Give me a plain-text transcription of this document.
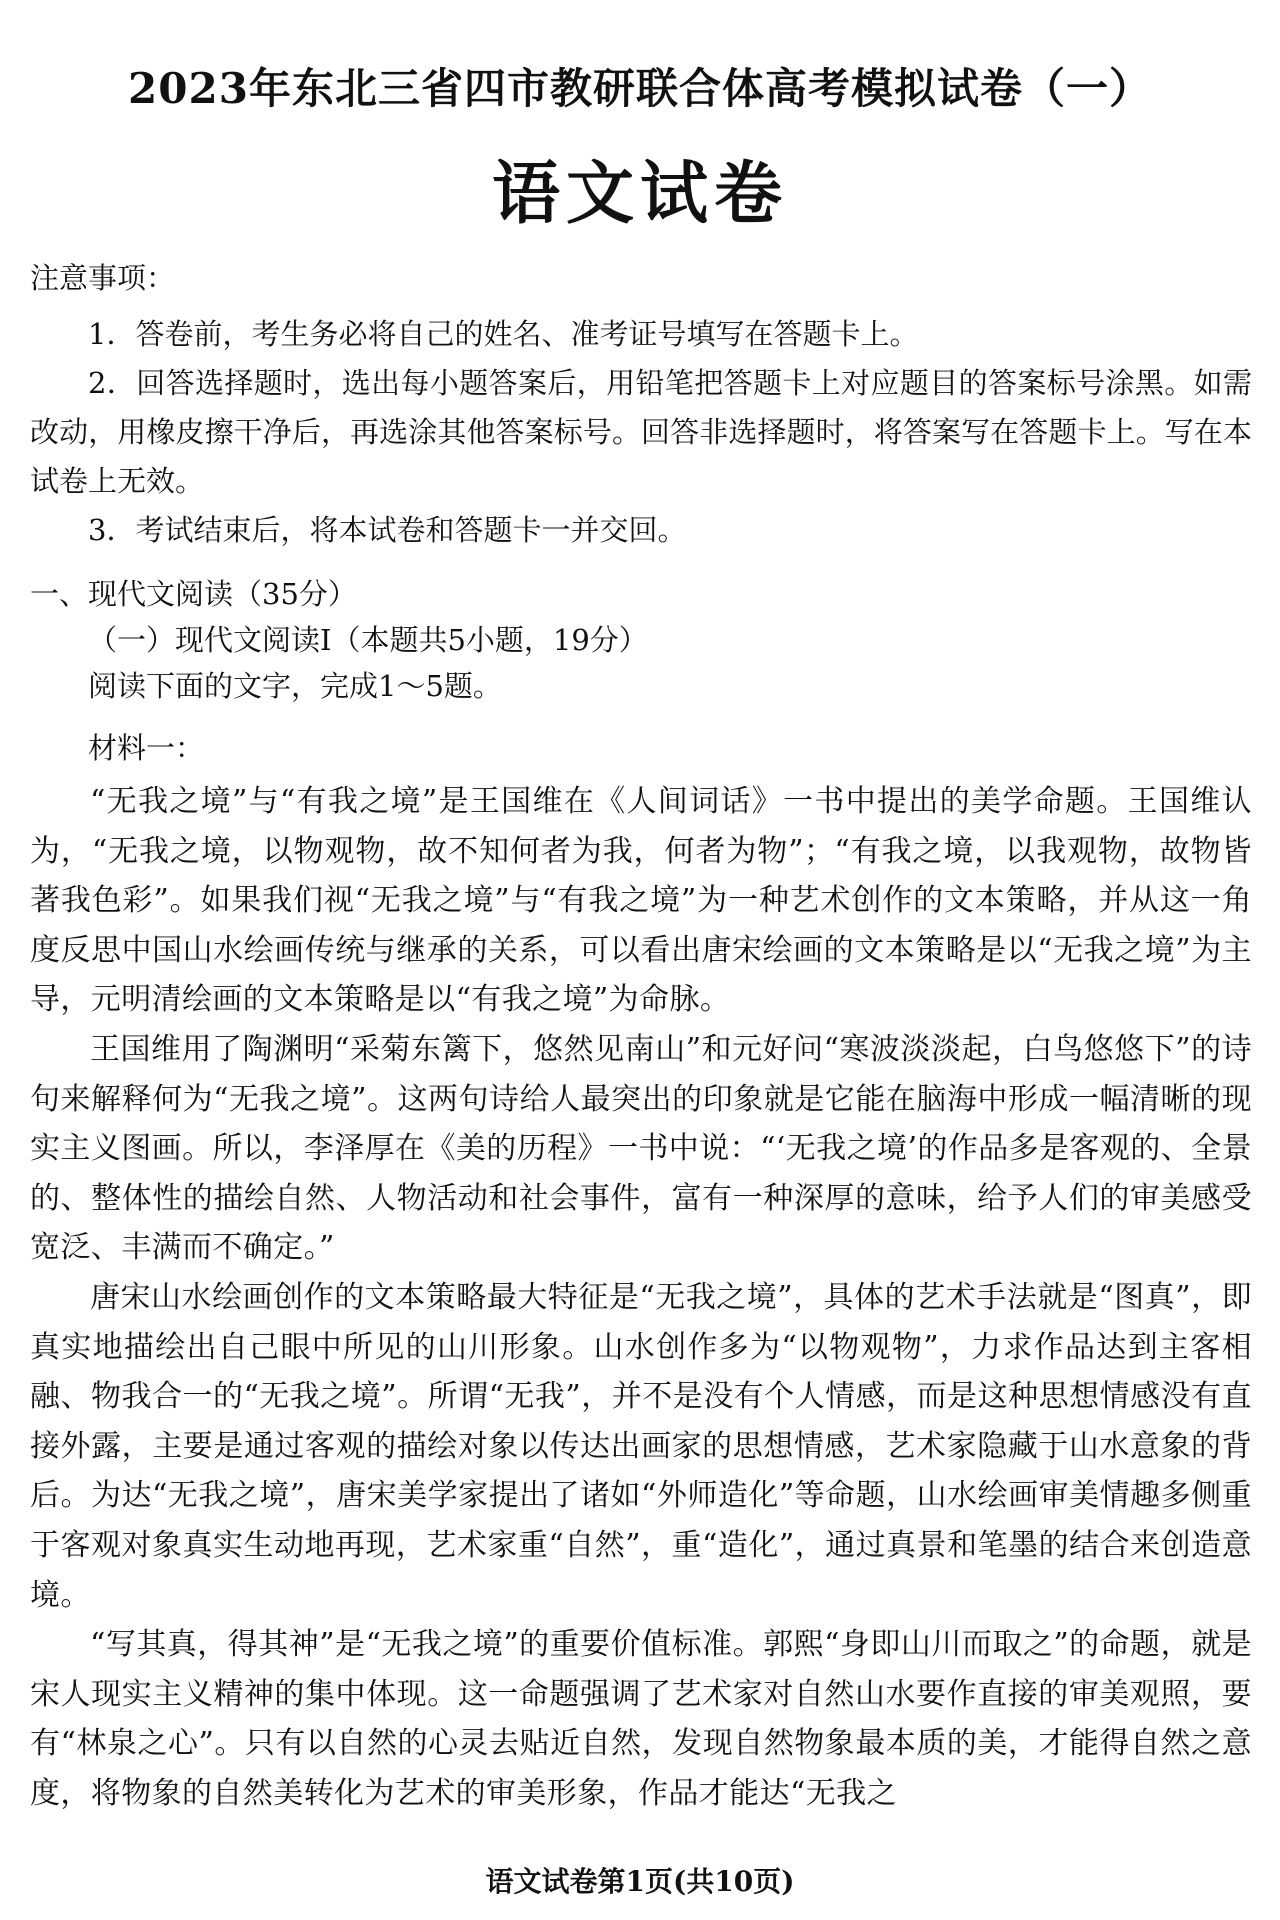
2023年东北三省四市教研联合体高考模拟试卷（一）
语文试卷

注意事项：

1．答卷前，考生务必将自己的姓名、准考证号填写在答题卡上。

2．回答选择题时，选出每小题答案后，用铅笔把答题卡上对应题目的答案标号涂黑。如需改动，用橡皮擦干净后，再选涂其他答案标号。回答非选择题时，将答案写在答题卡上。写在本试卷上无效。

3．考试结束后，将本试卷和答题卡一并交回。

一、现代文阅读（35分）

（一）现代文阅读Ⅰ（本题共5小题，19分）

阅读下面的文字，完成1～5题。

材料一：

“无我之境”与“有我之境”是王国维在《人间词话》一书中提出的美学命题。王国维认为，“无我之境，以物观物，故不知何者为我，何者为物”；“有我之境，以我观物，故物皆著我色彩”。如果我们视“无我之境”与“有我之境”为一种艺术创作的文本策略，并从这一角度反思中国山水绘画传统与继承的关系，可以看出唐宋绘画的文本策略是以“无我之境”为主导，元明清绘画的文本策略是以“有我之境”为命脉。

王国维用了陶渊明“采菊东篱下，悠然见南山”和元好问“寒波淡淡起，白鸟悠悠下”的诗句来解释何为“无我之境”。这两句诗给人最突出的印象就是它能在脑海中形成一幅清晰的现实主义图画。所以，李泽厚在《美的历程》一书中说：“‘无我之境’的作品多是客观的、全景的、整体性的描绘自然、人物活动和社会事件，富有一种深厚的意味，给予人们的审美感受宽泛、丰满而不确定。”

唐宋山水绘画创作的文本策略最大特征是“无我之境”，具体的艺术手法就是“图真”，即真实地描绘出自己眼中所见的山川形象。山水创作多为“以物观物”，力求作品达到主客相融、物我合一的“无我之境”。所谓“无我”，并不是没有个人情感，而是这种思想情感没有直接外露，主要是通过客观的描绘对象以传达出画家的思想情感，艺术家隐藏于山水意象的背后。为达“无我之境”，唐宋美学家提出了诸如“外师造化”等命题，山水绘画审美情趣多侧重于客观对象真实生动地再现，艺术家重“自然”，重“造化”，通过真景和笔墨的结合来创造意境。

“写其真，得其神”是“无我之境”的重要价值标准。郭熙“身即山川而取之”的命题，就是宋人现实主义精神的集中体现。这一命题强调了艺术家对自然山水要作直接的审美观照，要有“林泉之心”。只有以自然的心灵去贴近自然，发现自然物象最本质的美，才能得自然之意度，将物象的自然美转化为艺术的审美形象，作品才能达“无我之

语文试卷第1页(共10页)
